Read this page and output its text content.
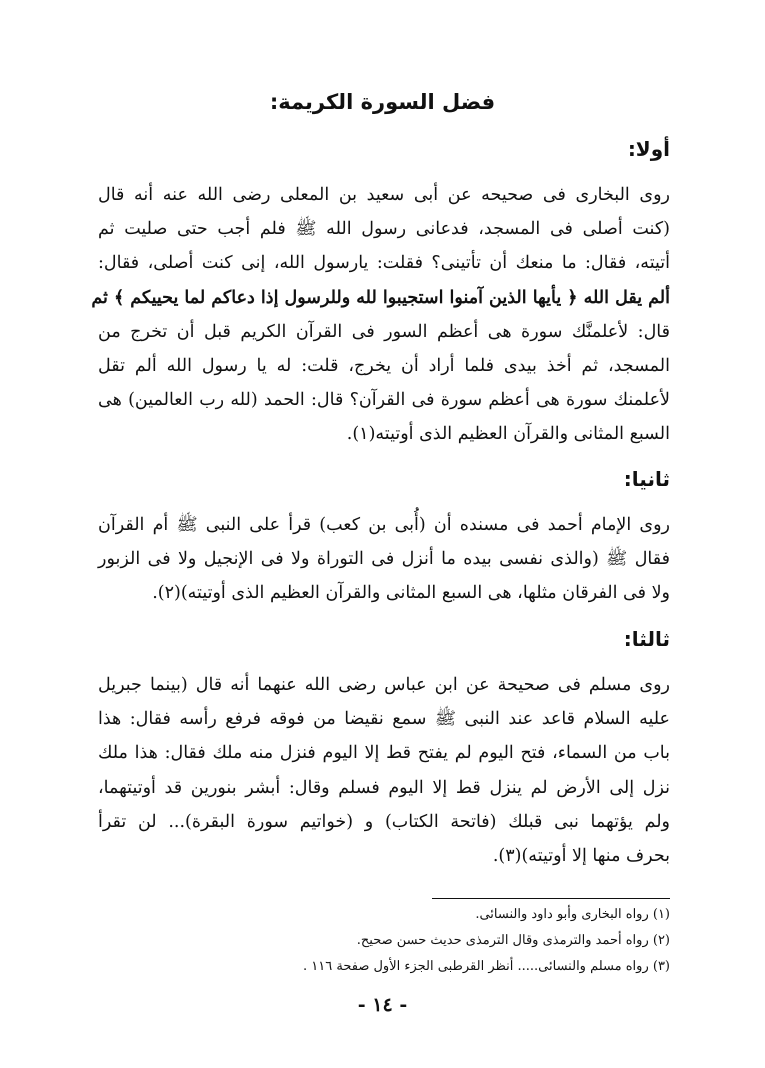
فضل السورة الكريمة:
أولا:
روى البخارى فى صحيحه عن أبى سعيد بن المعلى رضى الله عنه أنه قال
(كنت أصلى فى المسجد، فدعانى رسول الله ﷺ فلم أجب حتى صليت ثم
أتيته، فقال: ما منعك أن تأتينى؟ فقلت: يارسول الله، إنى كنت أصلى، فقال:
ألم يقل الله ﴿ يأيها الذين آمنوا استجيبوا لله وللرسول إذا دعاكم لما يحييكم ﴾ ثم
قال: لأعلمنَّك سورة هى أعظم السور فى القرآن الكريم قبل أن تخرج من
المسجد، ثم أخذ بيدى فلما أراد أن يخرج، قلت: له يا رسول الله ألم تقل
لأعلمنك سورة هى أعظم سورة فى القرآن؟ قال: الحمد (لله رب العالمين) هى
السبع المثانى والقرآن العظيم الذى أوتيته(١).
ثانيا:
روى الإمام أحمد فى مسنده أن (أُبى بن كعب) قرأ على النبى ﷺ أم القرآن
فقال ﷺ (والذى نفسى بيده ما أنزل فى التوراة ولا فى الإنجيل ولا فى الزبور
ولا فى الفرقان مثلها، هى السبع المثانى والقرآن العظيم الذى أوتيته)(٢).
ثالثا:
روى مسلم فى صحيحة عن ابن عباس رضى الله عنهما أنه قال (بينما جبريل
عليه السلام قاعد عند النبى ﷺ سمع نقيضا من فوقه فرفع رأسه فقال: هذا
باب من السماء، فتح اليوم لم يفتح قط إلا اليوم فنزل منه ملك فقال: هذا ملك
نزل إلى الأرض لم ينزل قط إلا اليوم فسلم وقال: أبشر بنورين قد أوتيتهما،
ولم يؤتهما نبى قبلك (فاتحة الكتاب) و (خواتيم سورة البقرة)... لن تقرأ
بحرف منها إلا أوتيته)(٣).
(١) رواه البخارى وأبو داود والنسائى.
(٢) رواه أحمد والترمذى وقال الترمذى حديث حسن صحيح.
(٣) رواه مسلم والنسائى..... أنظر القرطبى الجزء الأول صفحة ١١٦ .
- ١٤ -
